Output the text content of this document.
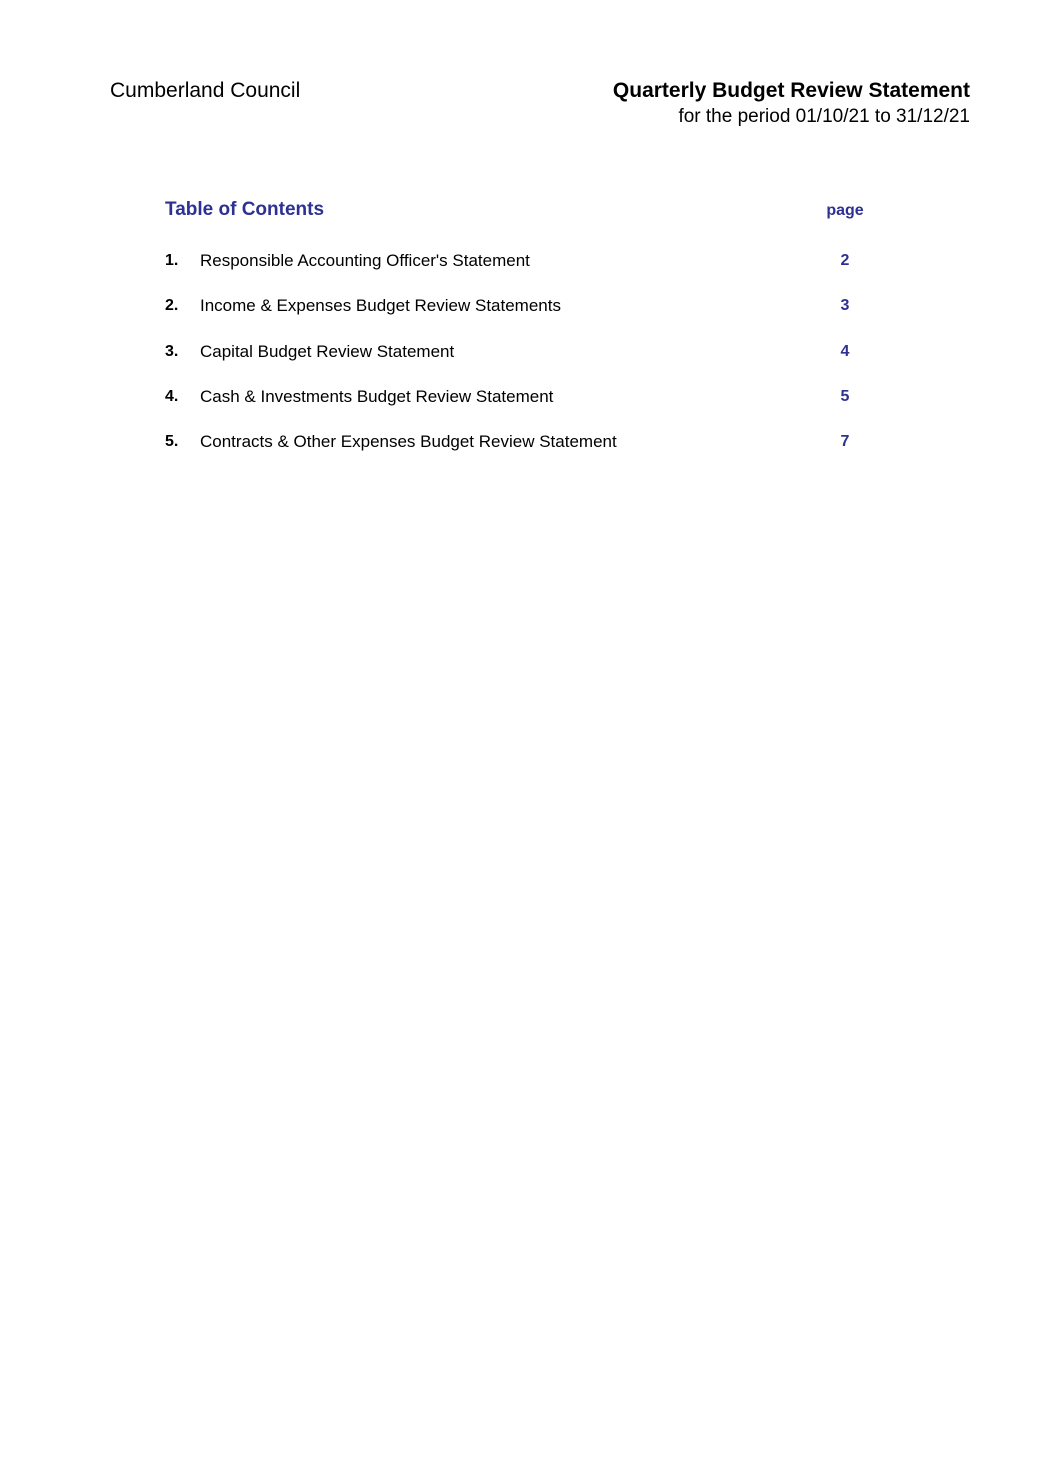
Cumberland Council	Quarterly Budget Review Statement
for the period 01/10/21 to 31/12/21
Table of Contents	page
1. Responsible Accounting Officer's Statement	2
2. Income & Expenses Budget Review Statements	3
3. Capital Budget Review Statement	4
4. Cash & Investments Budget Review Statement	5
5. Contracts & Other Expenses Budget Review Statement	7
